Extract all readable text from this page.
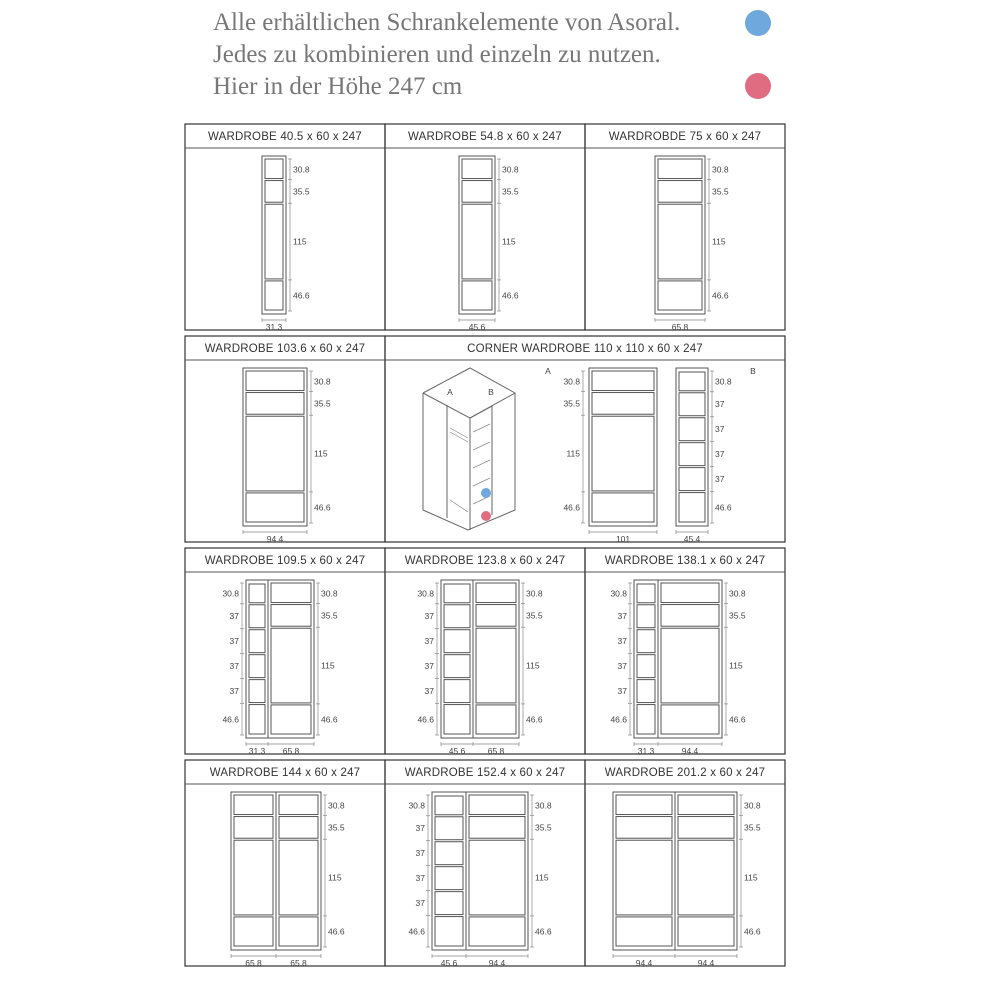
Alle erhältlichen Schrankelemente von Asoral.
Jedes zu kombinieren und einzeln zu nutzen.
Hier in der Höhe 247 cm
WARDROBE 40.5 x 60 x 247
30.8
35.5
115
46.6
31.3
WARDROBE 54.8 x 60 x 247
30.8
35.5
115
46.6
45.6
WARDROBDE 75 x 60 x 247
30.8
35.5
115
46.6
65.8
WARDROBE 103.6 x 60 x 247
30.8
35.5
115
46.6
94.4
CORNER WARDROBE 110 x 110 x 60 x 247
A	B
A
30.8
35.5
115
46.6
101
B
30.8
37
37
37
37
46.6
45.4
WARDROBE 109.5 x 60 x 247
30.8
37
37
37
37
46.6
30.8
35.5
115
46.6
31.3 65.8
WARDROBE 123.8 x 60 x 247
30.8
37
37
37
37
46.6
30.8
35.5
115
46.6
45.6	65.8
WARDROBE 138.1 x 60 x 247
30.8
37
37
37
37
46.6
30.8
35.5
115
46.6
31.3	94.4
WARDROBE 144 x 60 x 247
30.8
35.5
115
46.6
65.8	65.8
WARDROBE 152.4 x 60 x 247
30.8
37
37
37
37
46.6
30.8
35.5
115
46.6
45.6	94.4
WARDROBE 201.2 x 60 x 247
30.8
35.5
115
46.6
94.4	94.4
